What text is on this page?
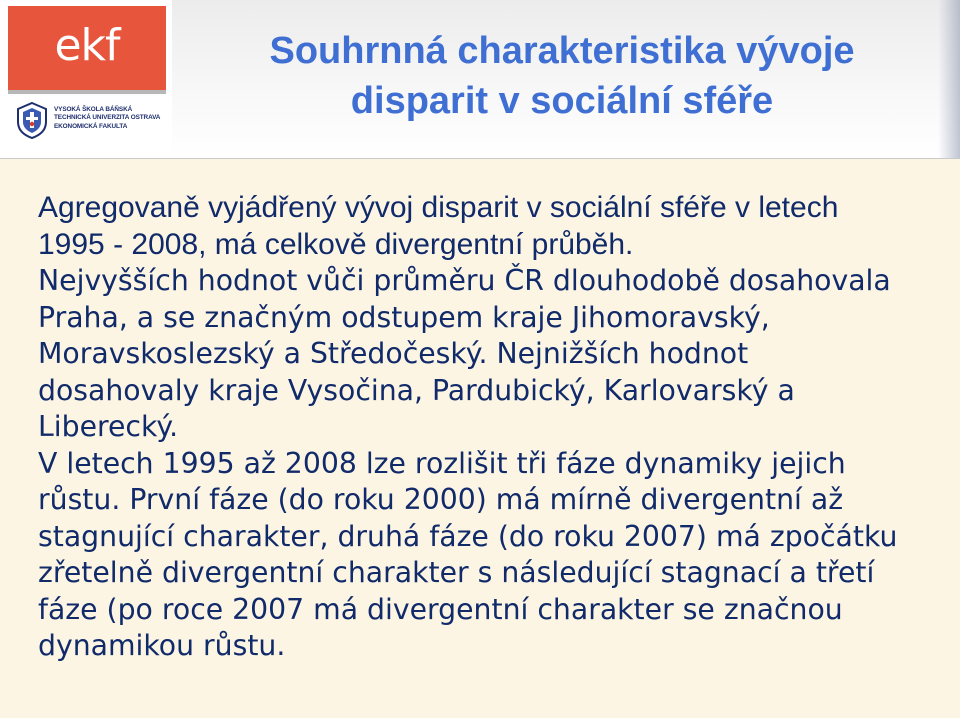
ekf
VYSOKÁ ŠKOLA BÁŇSKÁ
TECHNICKÁ UNIVERZITA OSTRAVA
EKONOMICKÁ FAKULTA
Souhrnná charakteristika vývoje
disparit v sociální sféře
Agregovaně vyjádřený vývoj disparit v sociální sféře v letech
1995 - 2008, má celkově divergentní průběh.
Nejvyšších hodnot vůči průměru ČR dlouhodobě dosahovala
Praha, a se značným odstupem kraje Jihomoravský,
Moravskoslezský a Středočeský. Nejnižších hodnot
dosahovaly kraje Vysočina, Pardubický, Karlovarský a
Liberecký.
V letech 1995 až 2008 lze rozlišit tři fáze dynamiky jejich
růstu. První fáze (do roku 2000) má mírně divergentní až
stagnující charakter, druhá fáze (do roku 2007) má zpočátku
zřetelně divergentní charakter s následující stagnací a třetí
fáze (po roce 2007 má divergentní charakter se značnou
dynamikou růstu.
